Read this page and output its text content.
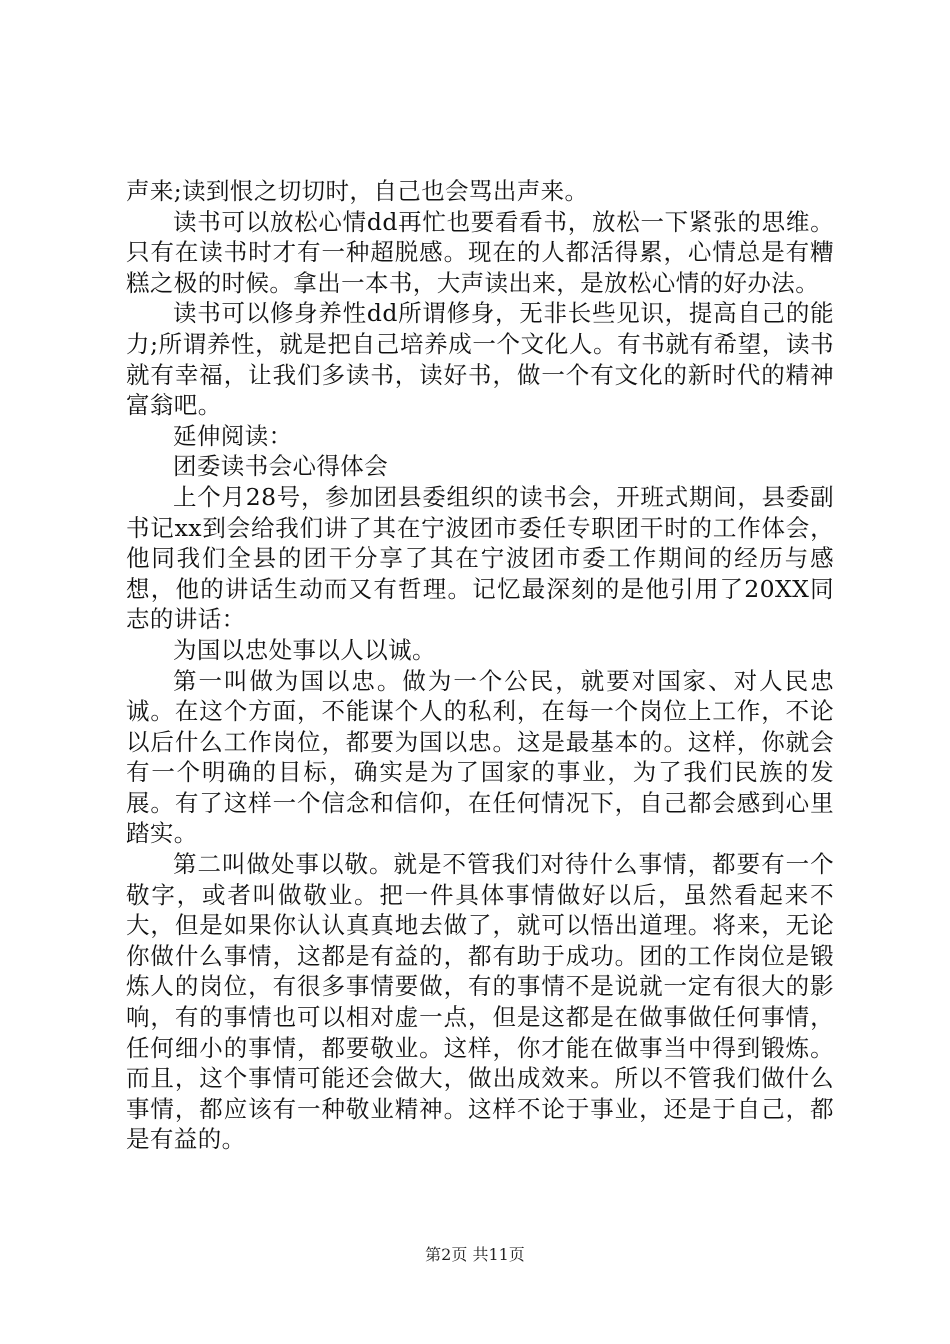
声来;读到恨之切切时，自己也会骂出声来。

读书可以放松心情dd再忙也要看看书，放松一下紧张的思维。只有在读书时才有一种超脱感。现在的人都活得累，心情总是有糟糕之极的时候。拿出一本书，大声读出来，是放松心情的好办法。

读书可以修身养性dd所谓修身，无非长些见识，提高自己的能力;所谓养性，就是把自己培养成一个文化人。有书就有希望，读书就有幸福，让我们多读书，读好书，做一个有文化的新时代的精神富翁吧。

延伸阅读：

团委读书会心得体会

上个月28号，参加团县委组织的读书会，开班式期间，县委副书记xx到会给我们讲了其在宁波团市委任专职团干时的工作体会，他同我们全县的团干分享了其在宁波团市委工作期间的经历与感想，他的讲话生动而又有哲理。记忆最深刻的是他引用了20XX同志的讲话：

为国以忠处事以人以诚。

第一叫做为国以忠。做为一个公民，就要对国家、对人民忠诚。在这个方面，不能谋个人的私利，在每一个岗位上工作，不论以后什么工作岗位，都要为国以忠。这是最基本的。这样，你就会有一个明确的目标，确实是为了国家的事业，为了我们民族的发展。有了这样一个信念和信仰，在任何情况下，自己都会感到心里踏实。

第二叫做处事以敬。就是不管我们对待什么事情，都要有一个敬字，或者叫做敬业。把一件具体事情做好以后，虽然看起来不大，但是如果你认认真真地去做了，就可以悟出道理。将来，无论你做什么事情，这都是有益的，都有助于成功。团的工作岗位是锻炼人的岗位，有很多事情要做，有的事情不是说就一定有很大的影响，有的事情也可以相对虚一点，但是这都是在做事做任何事情，任何细小的事情，都要敬业。这样，你才能在做事当中得到锻炼。而且，这个事情可能还会做大，做出成效来。所以不管我们做什么事情，都应该有一种敬业精神。这样不论于事业，还是于自己，都是有益的。

第2页 共11页
